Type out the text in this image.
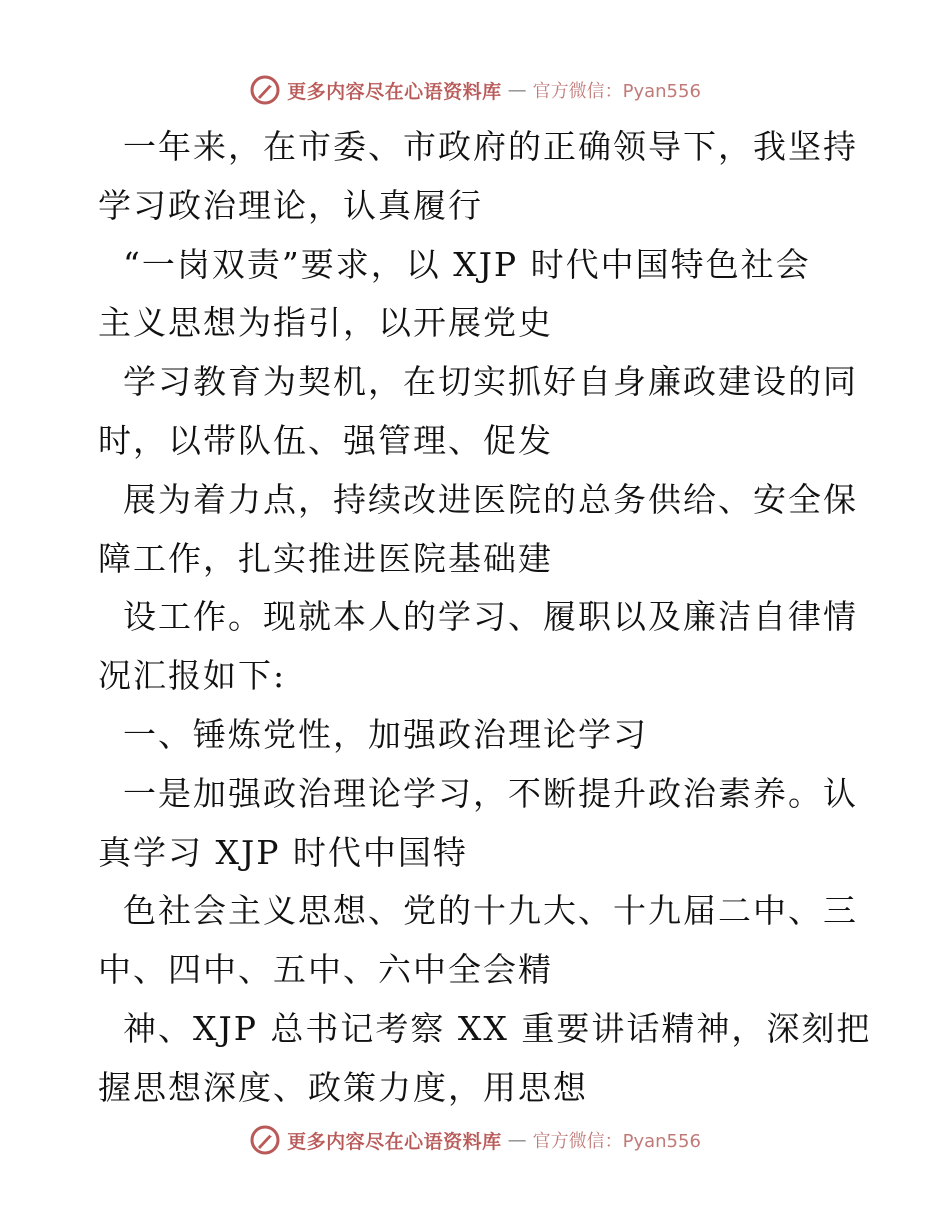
更多内容尽在心语资料库 — 官方微信：Pyan556
一年来，在市委、市政府的正确领导下，我坚持
学习政治理论，认真履行
“一岗双责”要求，以 XJP 时代中国特色社会
主义思想为指引，以开展党史
学习教育为契机，在切实抓好自身廉政建设的同
时，以带队伍、强管理、促发
展为着力点，持续改进医院的总务供给、安全保
障工作，扎实推进医院基础建
设工作。现就本人的学习、履职以及廉洁自律情
况汇报如下:
一、锤炼党性，加强政治理论学习
一是加强政治理论学习，不断提升政治素养。认
真学习 XJP 时代中国特
色社会主义思想、党的十九大、十九届二中、三
中、四中、五中、六中全会精
神、XJP 总书记考察 XX 重要讲话精神，深刻把
握思想深度、政策力度，用思想
更多内容尽在心语资料库 — 官方微信：Pyan556
